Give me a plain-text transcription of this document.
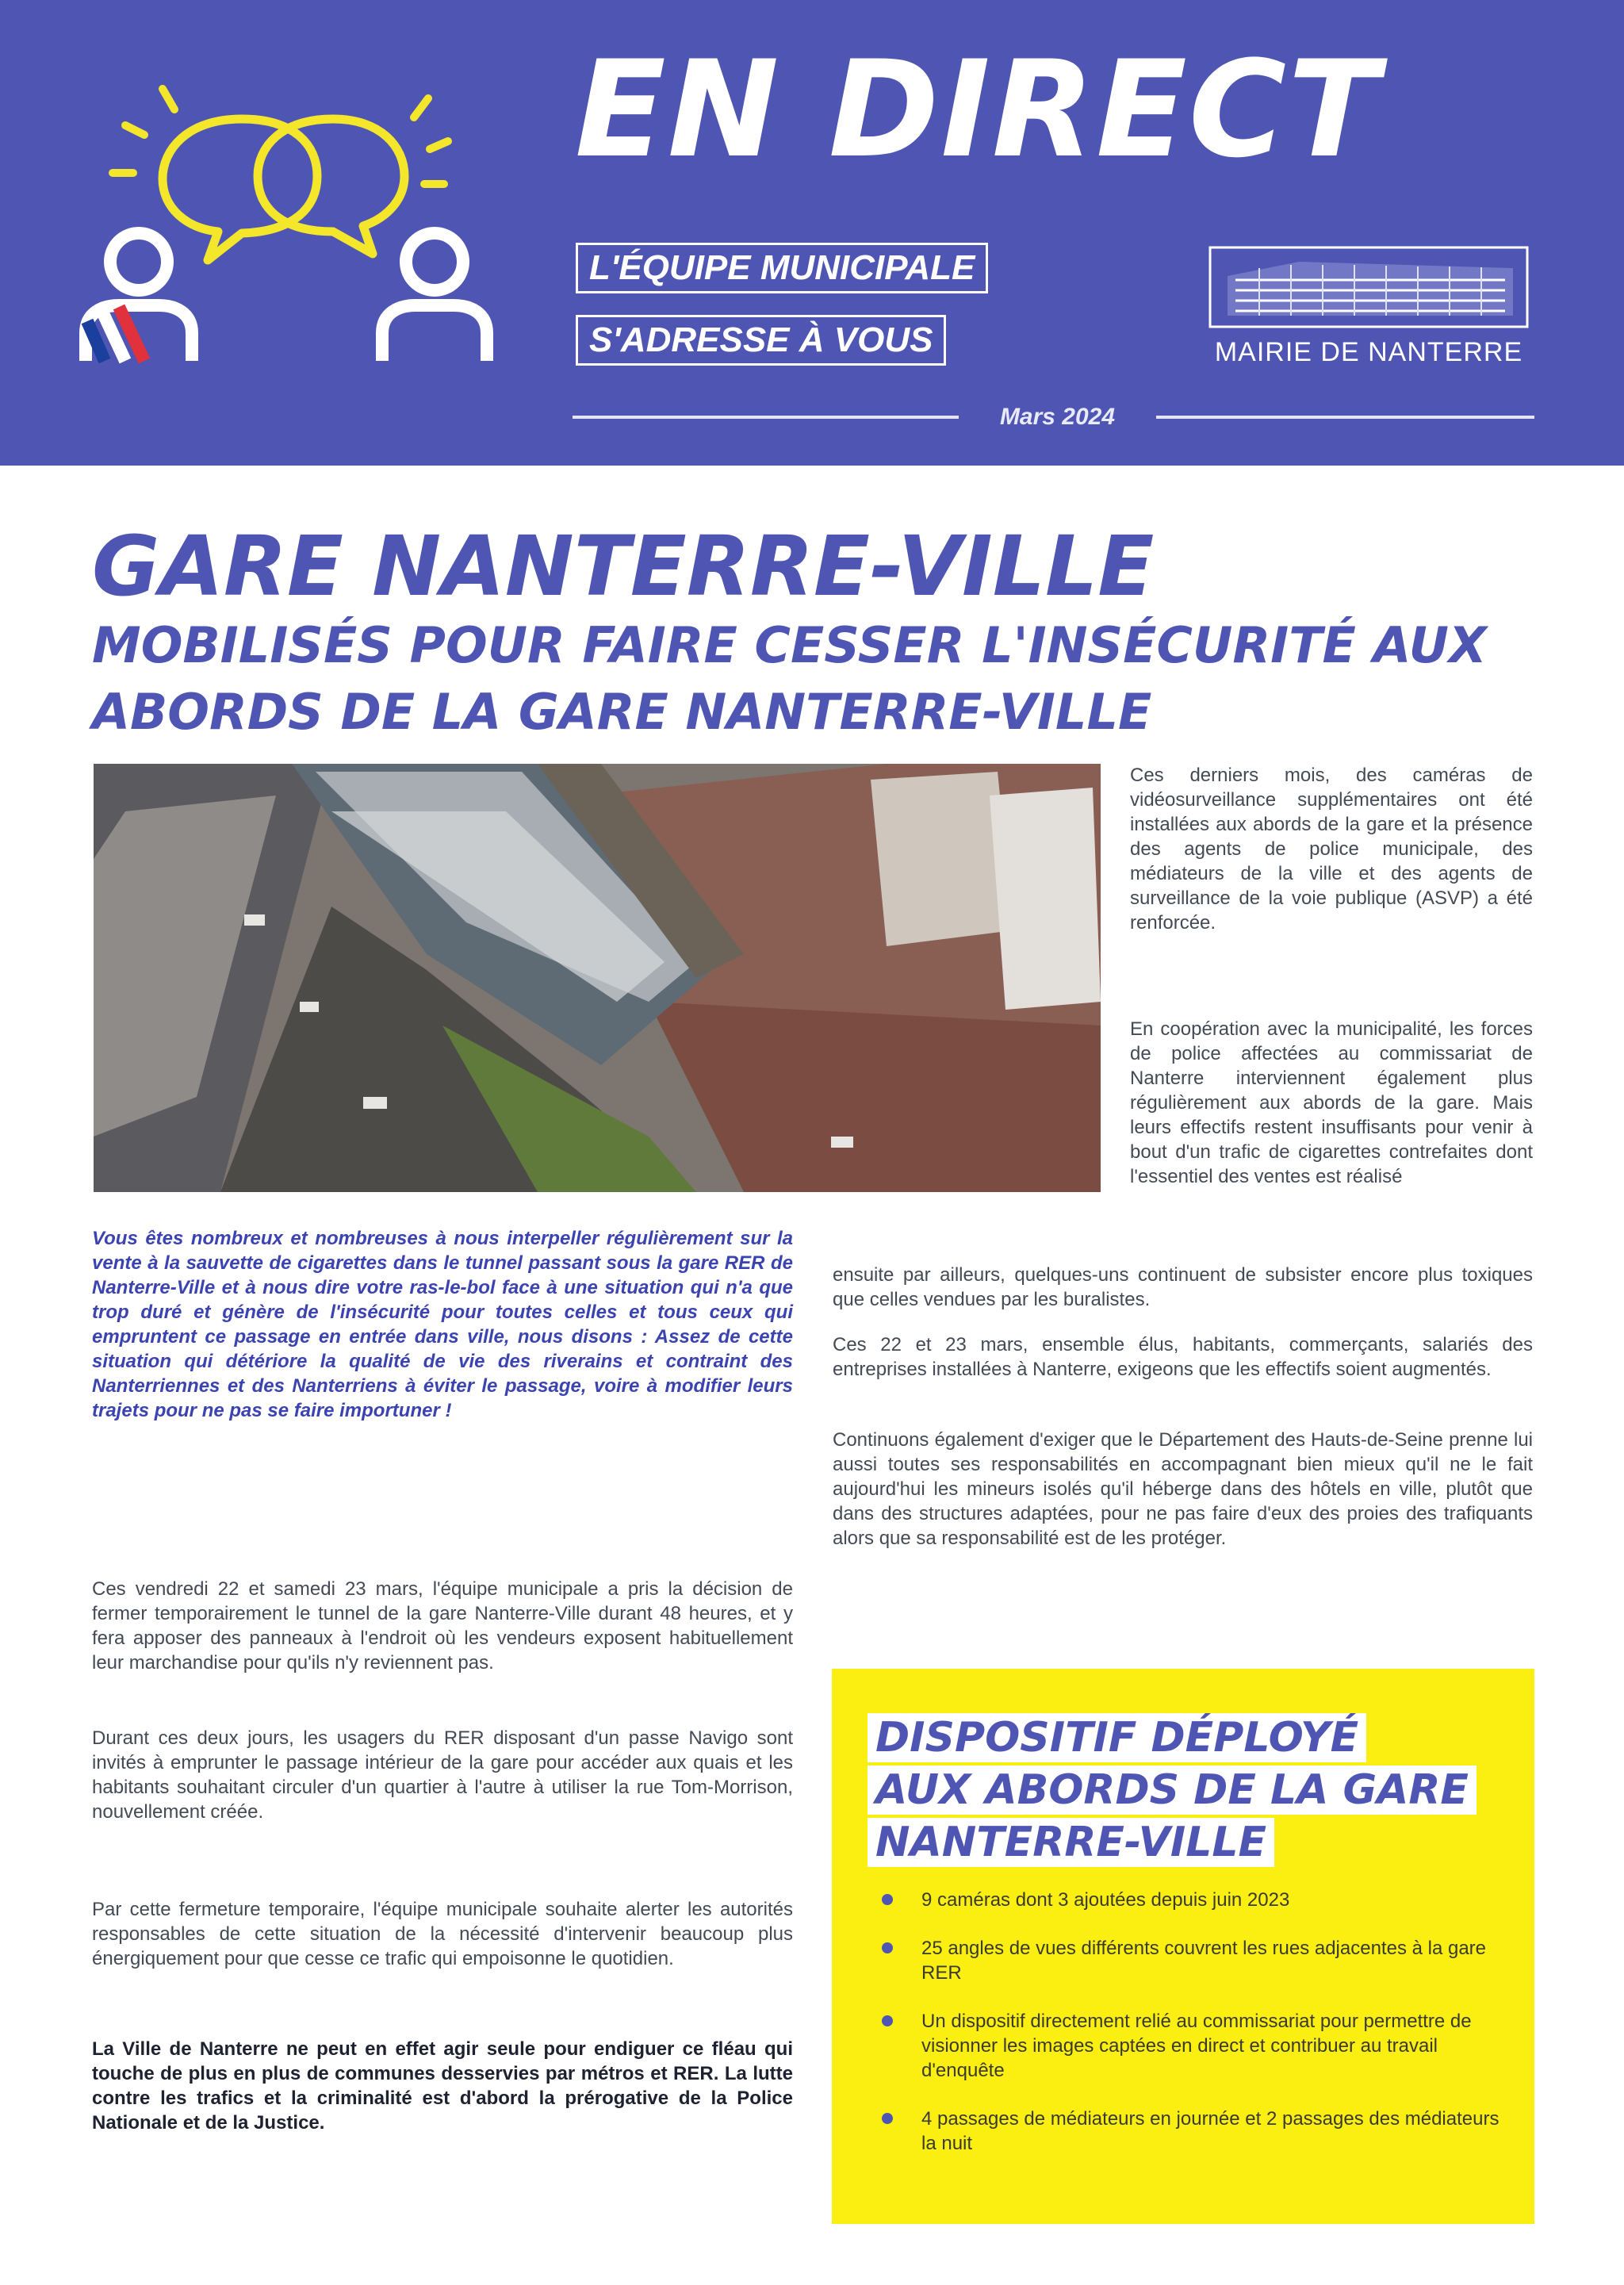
EN DIRECT
L'ÉQUIPE MUNICIPALE
S'ADRESSE À VOUS	MAIRIE DE NANTERRE
Mars 2024
GARE NANTERRE-VILLE
MOBILISÉS POUR FAIRE CESSER L'INSÉCURITÉ AUX ABORDS DE LA GARE NANTERRE-VILLE

Ces derniers mois, des caméras de vidéosurveillance supplémentaires ont été installées aux abords de la gare et la présence des agents de police municipale, des médiateurs de la ville et des agents de surveillance de la voie publique (ASVP) a été renforcée.

En coopération avec la municipalité, les forces de police affectées au commissariat de Nanterre interviennent également plus régulièrement aux abords de la gare. Mais leurs effectifs restent insuffisants pour venir à bout d'un trafic de cigarettes contrefaites dont l'essentiel des ventes est réalisé

ensuite par ailleurs, quelques-uns continuent de subsister encore plus toxiques que celles vendues par les buralistes.

Ces 22 et 23 mars, ensemble élus, habitants, commerçants, salariés des entreprises installées à Nanterre, exigeons que les effectifs soient augmentés.

Continuons également d'exiger que le Département des Hauts-de-Seine prenne lui aussi toutes ses responsabilités en accompagnant bien mieux qu'il ne le fait aujourd'hui les mineurs isolés qu'il héberge dans des hôtels en ville, plutôt que dans des structures adaptées, pour ne pas faire d'eux des proies des trafiquants alors que sa responsabilité est de les protéger.

Vous êtes nombreux et nombreuses à nous interpeller régulièrement sur la vente à la sauvette de cigarettes dans le tunnel passant sous la gare RER de Nanterre-Ville et à nous dire votre ras-le-bol face à une situation qui n'a que trop duré et génère de l'insécurité pour toutes celles et tous ceux qui empruntent ce passage en entrée dans ville, nous disons : Assez de cette situation qui détériore la qualité de vie des riverains et contraint des Nanterriennes et des Nanterriens à éviter le passage, voire à modifier leurs trajets pour ne pas se faire importuner !

Ces vendredi 22 et samedi 23 mars, l'équipe municipale a pris la décision de fermer temporairement le tunnel de la gare Nanterre-Ville durant 48 heures, et y fera apposer des panneaux à l'endroit où les vendeurs exposent habituellement leur marchandise pour qu'ils n'y reviennent pas.

Durant ces deux jours, les usagers du RER disposant d'un passe Navigo sont invités à emprunter le passage intérieur de la gare pour accéder aux quais et les habitants souhaitant circuler d'un quartier à l'autre à utiliser la rue Tom-Morrison, nouvellement créée.

Par cette fermeture temporaire, l'équipe municipale souhaite alerter les autorités responsables de cette situation de la nécessité d'intervenir beaucoup plus énergiquement pour que cesse ce trafic qui empoisonne le quotidien.

La Ville de Nanterre ne peut en effet agir seule pour endiguer ce fléau qui touche de plus en plus de communes desservies par métros et RER. La lutte contre les trafics et la criminalité est d'abord la prérogative de la Police Nationale et de la Justice.

DISPOSITIF DÉPLOYÉ
AUX ABORDS DE LA GARE
NANTERRE-VILLE
9 caméras dont 3 ajoutées depuis juin 2023
25 angles de vues différents couvrent les rues adjacentes à la gare RER
Un dispositif directement relié au commissariat pour permettre de visionner les images captées en direct et contribuer au travail d'enquête
4 passages de médiateurs en journée et 2 passages des médiateurs la nuit
